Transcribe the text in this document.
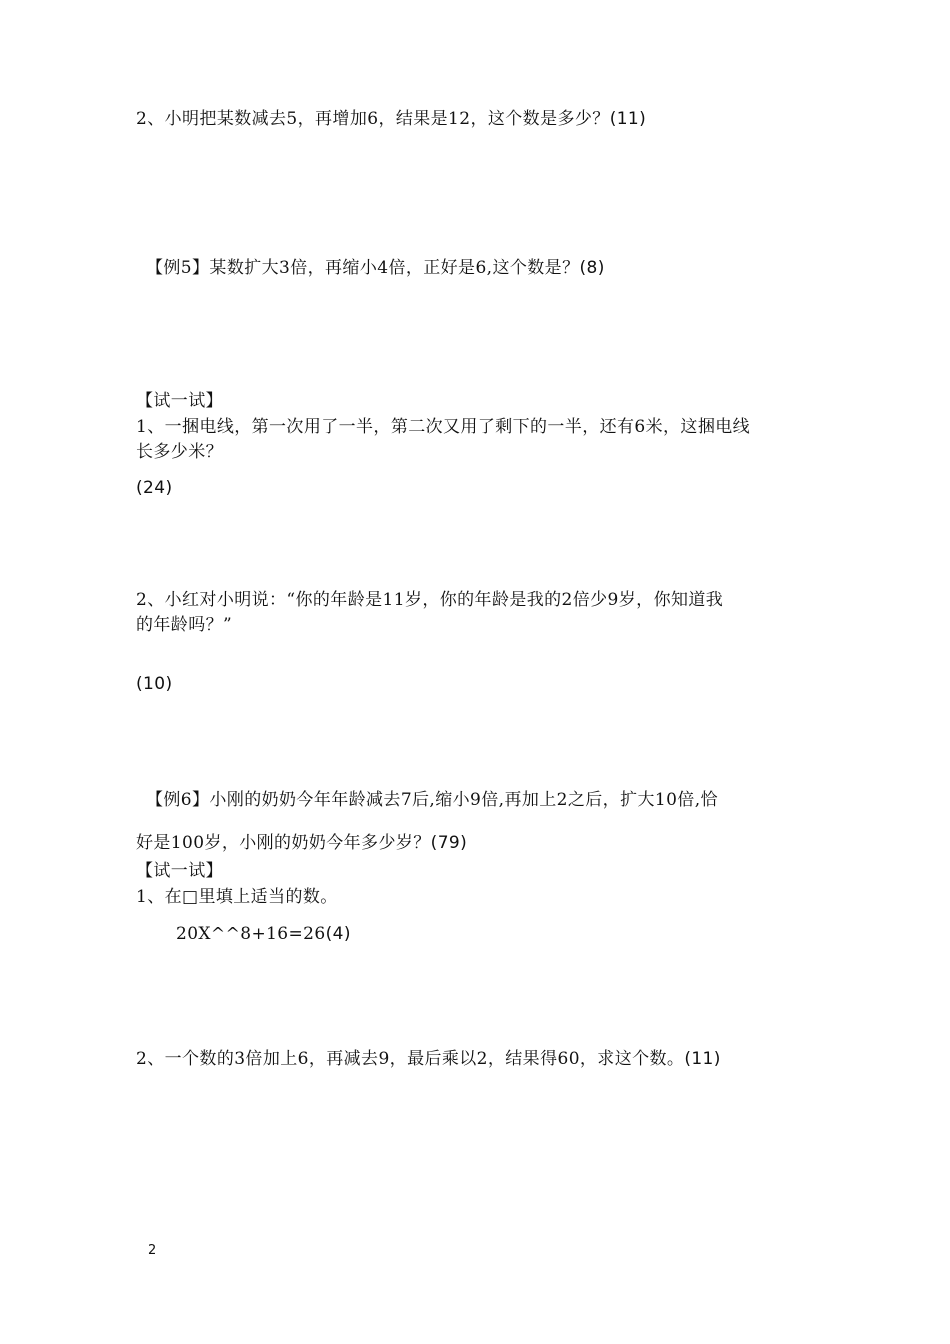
2、小明把某数减去5，再增加6，结果是12，这个数是多少？(11)
【例5】某数扩大3倍，再缩小4倍，正好是6,这个数是？(8)
【试一试】
1、一捆电线，第一次用了一半，第二次又用了剩下的一半，还有6米，这捆电线
长多少米？
(24)
2、小红对小明说：“你的年龄是11岁，你的年龄是我的2倍少9岁，你知道我
的年龄吗？”
(10)
【例6】小刚的奶奶今年年龄减去7后,缩小9倍,再加上2之后，扩大10倍,恰
好是100岁，小刚的奶奶今年多少岁？(79)
【试一试】
1、在□里填上适当的数。
20X^^8+16=26(4)
2、一个数的3倍加上6，再减去9，最后乘以2，结果得60，求这个数。(11)
2
